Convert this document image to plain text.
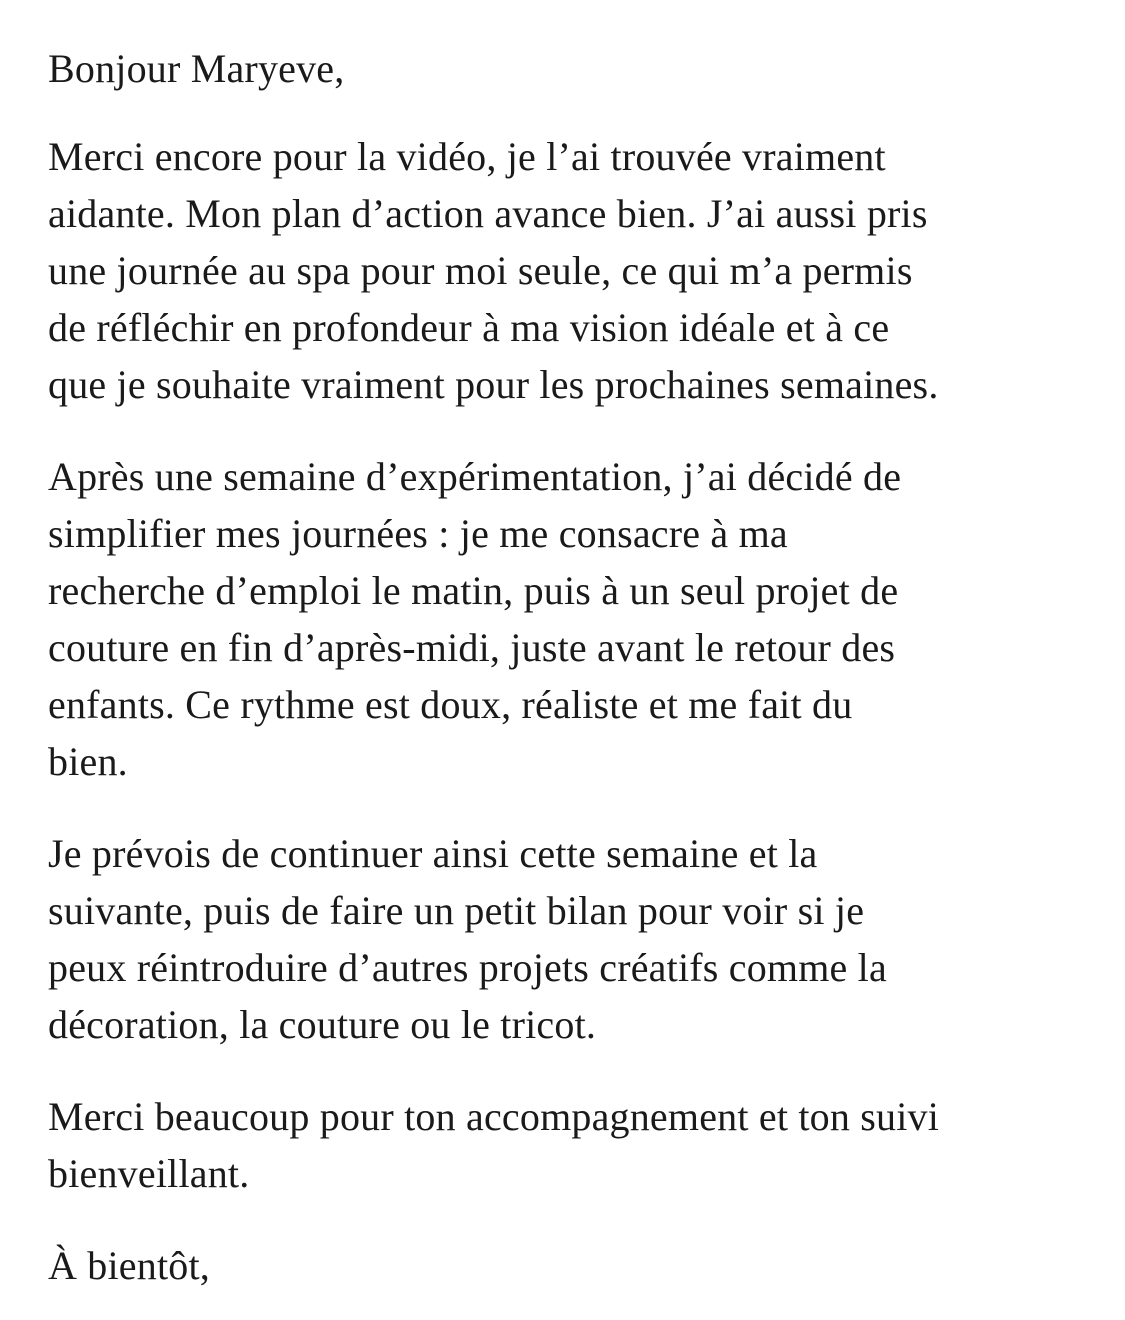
Bonjour Maryeve,

Merci encore pour la vidéo, je l’ai trouvée vraiment
aidante. Mon plan d’action avance bien. J’ai aussi pris
une journée au spa pour moi seule, ce qui m’a permis
de réfléchir en profondeur à ma vision idéale et à ce
que je souhaite vraiment pour les prochaines semaines.

Après une semaine d’expérimentation, j’ai décidé de
simplifier mes journées : je me consacre à ma
recherche d’emploi le matin, puis à un seul projet de
couture en fin d’après-midi, juste avant le retour des
enfants. Ce rythme est doux, réaliste et me fait du
bien.

Je prévois de continuer ainsi cette semaine et la
suivante, puis de faire un petit bilan pour voir si je
peux réintroduire d’autres projets créatifs comme la
décoration, la couture ou le tricot.

Merci beaucoup pour ton accompagnement et ton suivi
bienveillant.

À bientôt,
